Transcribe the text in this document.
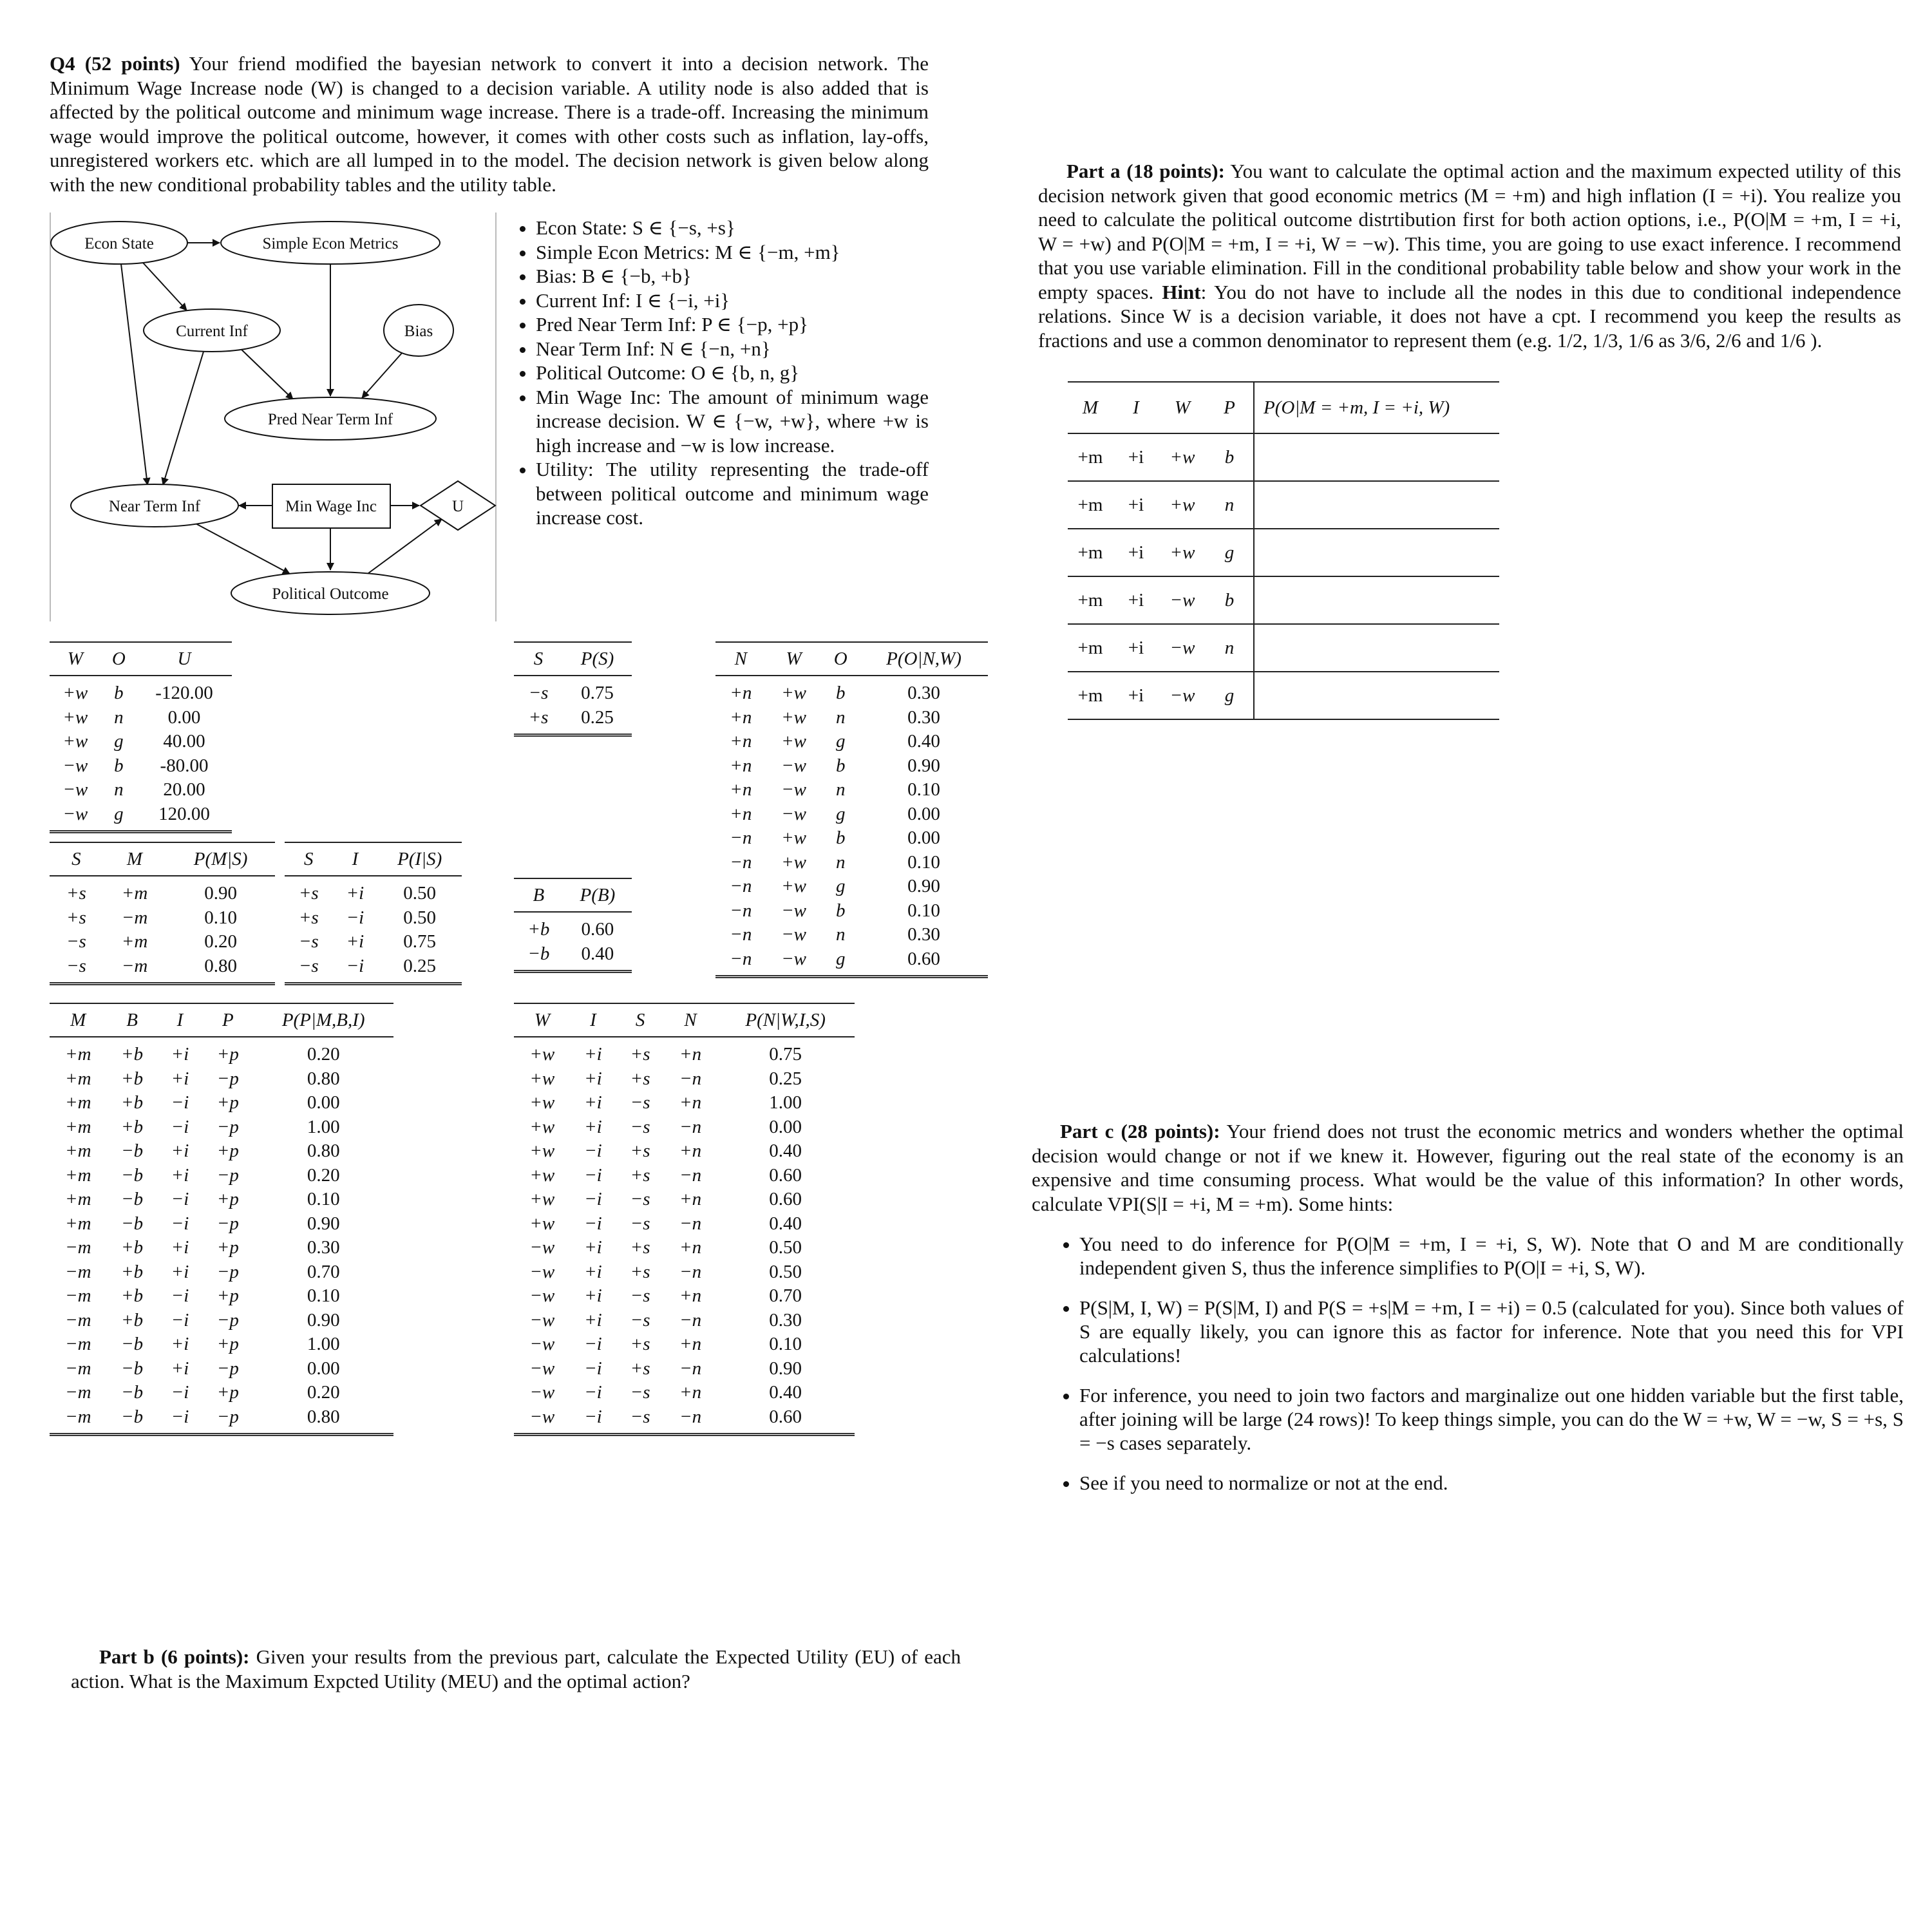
Q4 (52 points) Your friend modified the bayesian network to convert it into a decision network. The Minimum Wage Increase node (W) is changed to a decision variable. A utility node is also added that is affected by the political outcome and minimum wage increase. There is a trade-off. Increasing the minimum wage would improve the political outcome, however, it comes with other costs such as inflation, lay-offs, unregistered workers etc. which are all lumped in to the model. The decision network is given below along with the new conditional probability tables and the utility table.
Econ State	Simple Econ Metrics
Current Inf	Bias
Pred Near Term Inf
Near Term Inf	Min Wage Inc	U
Political Outcome
• Econ State: S ∈ {−s, +s}
• Simple Econ Metrics: M ∈ {−m, +m}
• Bias: B ∈ {−b, +b}
• Current Inf: I ∈ {−i, +i}
• Pred Near Term Inf: P ∈ {−p, +p}
• Near Term Inf: N ∈ {−n, +n}
• Political Outcome: O ∈ {b, n, g}
• Min Wage Inc: The amount of minimum wage increase decision. W ∈ {−w, +w}, where +w is high increase and −w is low increase.
• Utility: The utility representing the trade-off between political outcome and minimum wage increase cost.
Part a (18 points): You want to calculate the optimal action and the maximum expected utility of this decision network given that good economic metrics (M = +m) and high inflation (I = +i). You realize you need to calculate the political outcome distrtibution first for both action options, i.e., P(O|M = +m, I = +i, W = +w) and P(O|M = +m, I = +i, W = −w). This time, you are going to use exact inference. I recommend that you use variable elimination. Fill in the conditional probability table below and show your work in the empty spaces. Hint: You do not have to include all the nodes in this due to conditional independence relations. Since W is a decision variable, it does not have a cpt. I recommend you keep the results as fractions and use a common denominator to represent them (e.g. 1/2, 1/3, 1/6 as 3/6, 2/6 and 1/6 ).
M	I	W	P	P(O|M = +m, I = +i, W)
+m	+i	+w	b
+m	+i	+w	n
+m	+i	+w	g
+m	+i	−w	b
+m	+i	−w	n
+m	+i	−w	g
W	O	U
+w	b	-120.00
+w	n	0.00
+w	g	40.00
−w	b	-80.00
−w	n	20.00
−w	g	120.00
S	M	P(M|S)
+s	+m	0.90
+s	−m	0.10
−s	+m	0.20
−s	−m	0.80
S	I	P(I|S)
+s	+i	0.50
+s	−i	0.50
−s	+i	0.75
−s	−i	0.25
S	P(S)
−s	0.75
+s	0.25
B	P(B)
+b	0.60
−b	0.40
N	W	O	P(O|N,W)
+n	+w	b	0.30
+n	+w	n	0.30
+n	+w	g	0.40
+n	−w	b	0.90
+n	−w	n	0.10
+n	−w	g	0.00
−n	+w	b	0.00
−n	+w	n	0.10
−n	+w	g	0.90
−n	−w	b	0.10
−n	−w	n	0.30
−n	−w	g	0.60
M	B	I	P	P(P|M,B,I)
+m	+b	+i	+p	0.20
+m	+b	+i	−p	0.80
+m	+b	−i	+p	0.00
+m	+b	−i	−p	1.00
+m	−b	+i	+p	0.80
+m	−b	+i	−p	0.20
+m	−b	−i	+p	0.10
+m	−b	−i	−p	0.90
−m	+b	+i	+p	0.30
−m	+b	+i	−p	0.70
−m	+b	−i	+p	0.10
−m	+b	−i	−p	0.90
−m	−b	+i	+p	1.00
−m	−b	+i	−p	0.00
−m	−b	−i	+p	0.20
−m	−b	−i	−p	0.80
W	I	S	N	P(N|W,I,S)
+w	+i	+s	+n	0.75
+w	+i	+s	−n	0.25
+w	+i	−s	+n	1.00
+w	+i	−s	−n	0.00
+w	−i	+s	+n	0.40
+w	−i	+s	−n	0.60
+w	−i	−s	+n	0.60
+w	−i	−s	−n	0.40
−w	+i	+s	+n	0.50
−w	+i	+s	−n	0.50
−w	+i	−s	+n	0.70
−w	+i	−s	−n	0.30
−w	−i	+s	+n	0.10
−w	−i	+s	−n	0.90
−w	−i	−s	+n	0.40
−w	−i	−s	−n	0.60
Part b (6 points): Given your results from the previous part, calculate the Expected Utility (EU) of each action. What is the Maximum Expcted Utility (MEU) and the optimal action?
Part c (28 points): Your friend does not trust the economic metrics and wonders whether the optimal decision would change or not if we knew it. However, figuring out the real state of the economy is an expensive and time consuming process. What would be the value of this information? In other words, calculate VPI(S|I = +i, M = +m). Some hints:
• You need to do inference for P(O|M = +m, I = +i, S, W). Note that O and M are conditionally independent given S, thus the inference simplifies to P(O|I = +i, S, W).
• P(S|M, I, W) = P(S|M, I) and P(S = +s|M = +m, I = +i) = 0.5 (calculated for you). Since both values of S are equally likely, you can ignore this as factor for inference. Note that you need this for VPI calculations!
• For inference, you need to join two factors and marginalize out one hidden variable but the first table, after joining will be large (24 rows)! To keep things simple, you can do the W = +w, W = −w, S = +s, S = −s cases separately.
• See if you need to normalize or not at the end.
